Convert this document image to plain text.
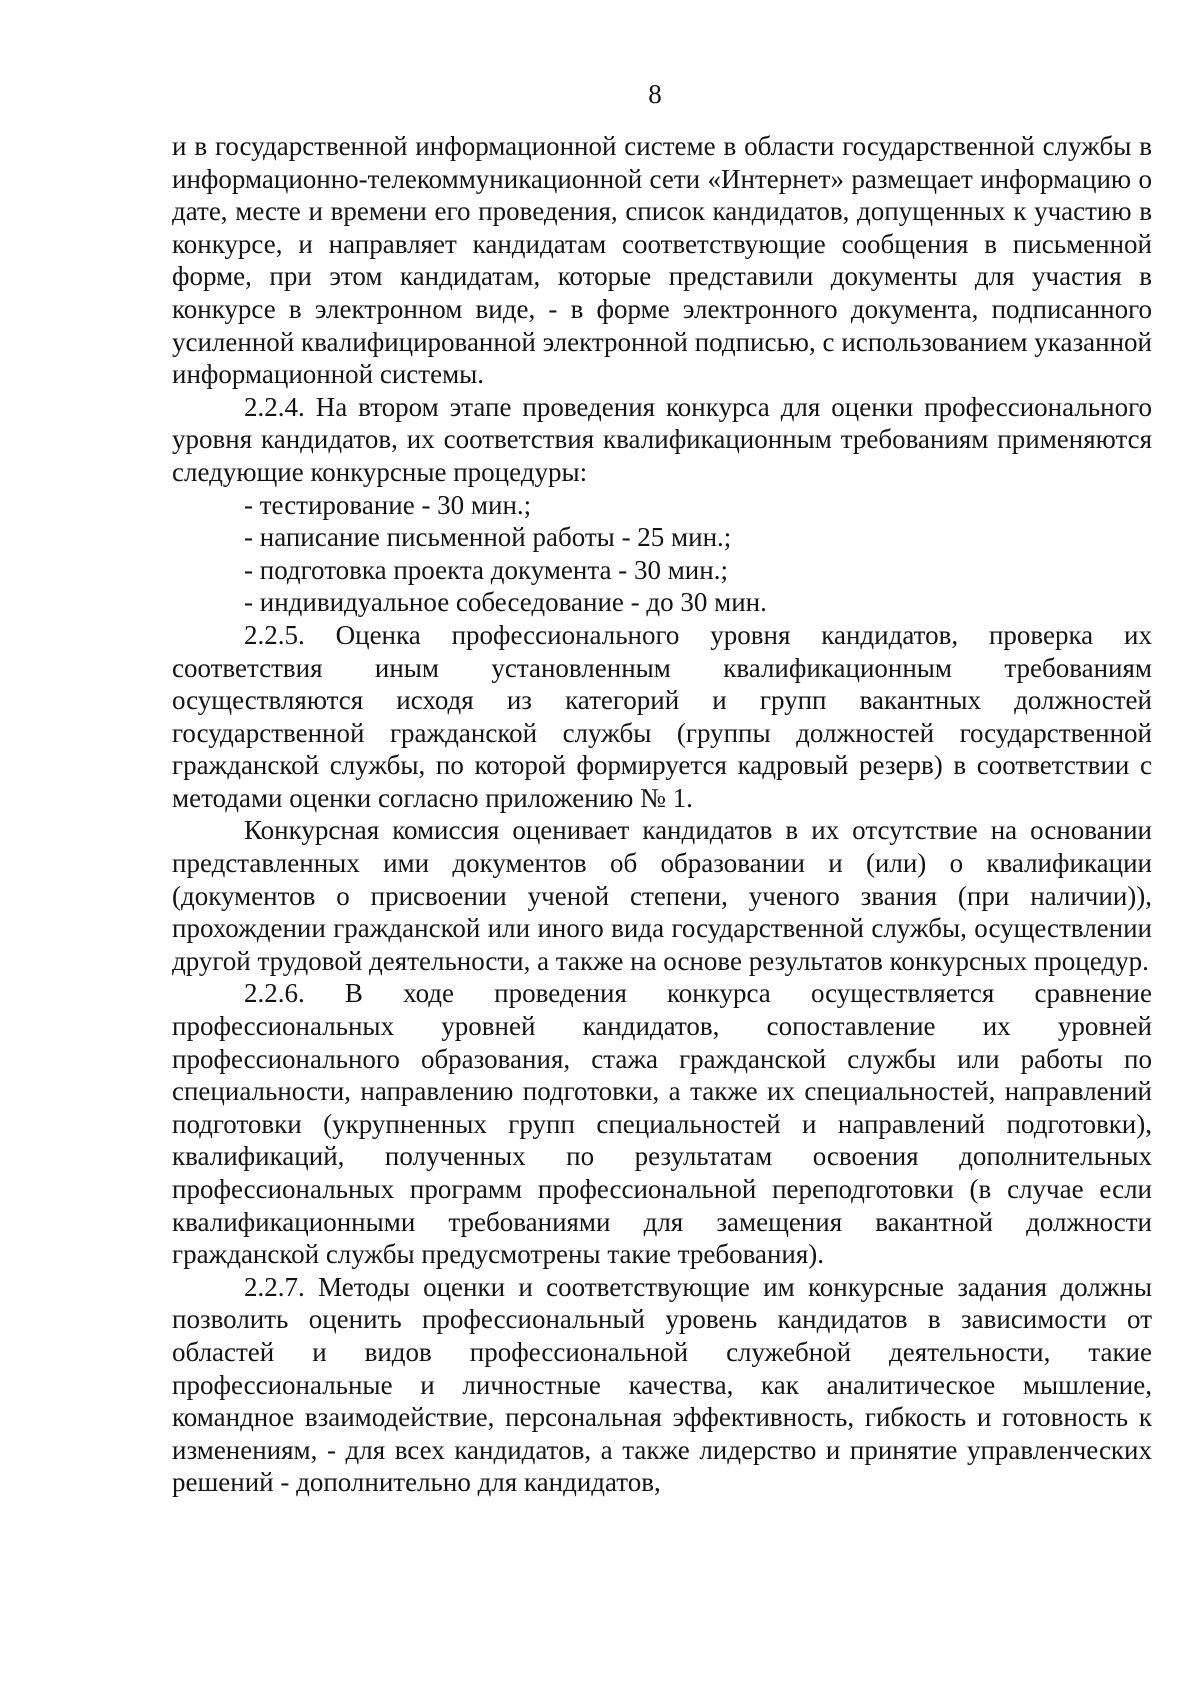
8

и в государственной информационной системе в области государственной службы в информационно-телекоммуникационной сети «Интернет» размещает информацию о дате, месте и времени его проведения, список кандидатов, допущенных к участию в конкурсе, и направляет кандидатам соответствующие сообщения в письменной форме, при этом кандидатам, которые представили документы для участия в конкурсе в электронном виде, - в форме электронного документа, подписанного усиленной квалифицированной электронной подписью, с использованием указанной информационной системы.

2.2.4. На втором этапе проведения конкурса для оценки профессионального уровня кандидатов, их соответствия квалификационным требованиям применяются следующие конкурсные процедуры:

- тестирование - 30 мин.;

- написание письменной работы - 25 мин.;

- подготовка проекта документа - 30 мин.;

- индивидуальное собеседование - до 30 мин.

2.2.5. Оценка профессионального уровня кандидатов, проверка их соответствия иным установленным квалификационным требованиям осуществляются исходя из категорий и групп вакантных должностей государственной гражданской службы (группы должностей государственной гражданской службы, по которой формируется кадровый резерв) в соответствии с методами оценки согласно приложению № 1.

Конкурсная комиссия оценивает кандидатов в их отсутствие на основании представленных ими документов об образовании и (или) о квалификации (документов о присвоении ученой степени, ученого звания (при наличии)), прохождении гражданской или иного вида государственной службы, осуществлении другой трудовой деятельности, а также на основе результатов конкурсных процедур.

2.2.6. В ходе проведения конкурса осуществляется сравнение профессиональных уровней кандидатов, сопоставление их уровней профессионального образования, стажа гражданской службы или работы по специальности, направлению подготовки, а также их специальностей, направлений подготовки (укрупненных групп специальностей и направлений подготовки), квалификаций, полученных по результатам освоения дополнительных профессиональных программ профессиональной переподготовки (в случае если квалификационными требованиями для замещения вакантной должности гражданской службы предусмотрены такие требования).

2.2.7. Методы оценки и соответствующие им конкурсные задания должны позволить оценить профессиональный уровень кандидатов в зависимости от областей и видов профессиональной служебной деятельности, такие профессиональные и личностные качества, как аналитическое мышление, командное взаимодействие, персональная эффективность, гибкость и готовность к изменениям, - для всех кандидатов, а также лидерство и принятие управленческих решений - дополнительно для кандидатов,
